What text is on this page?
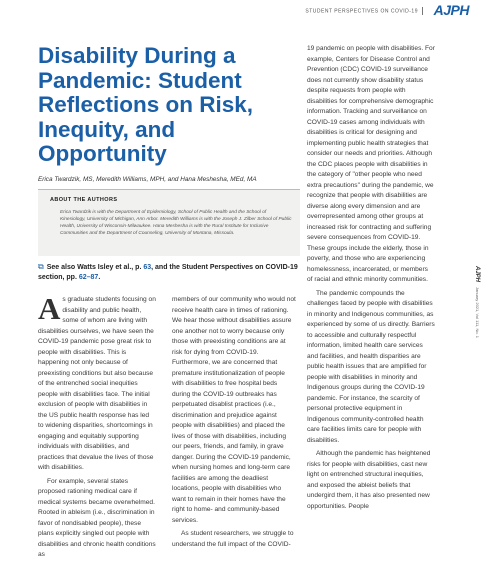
STUDENT PERSPECTIVES ON COVID-19	AJPH
AJPH
January 2021, Vol 111, No. 1
Disability During a Pandemic: Student Reflections on Risk, Inequity, and Opportunity
Erica Twardzik, MS, Meredith Williams, MPH, and Hana Meshesha, MEd, MA
ABOUT THE AUTHORS
Erica Twardzik is with the Department of Epidemiology, School of Public Health and the School of Kinesiology, University of Michigan, Ann Arbor. Meredith Williams is with the Joseph J. Zilber School of Public Health, University of Wisconsin-Milwaukee. Hana Meshesha is with the Rural Institute for Inclusive Communities and the Department of Counseling, University of Montana, Missoula.
⧉ See also Watts Isley et al., p. 63, and the Student Perspectives on COVID-19 section, pp. 62–87.

As graduate students focusing on disability and public health, some of whom are living with disabilities ourselves, we have seen the COVID-19 pandemic pose great risk to people with disabilities. This is happening not only because of preexisting conditions but also because of the entrenched social inequities people with disabilities face. The initial exclusion of people with disabilities in the US public health response has led to widening disparities, shortcomings in engaging and equitably supporting individuals with disabilities, and practices that devalue the lives of those with disabilities.

For example, several states proposed rationing medical care if medical systems became overwhelmed. Rooted in ableism (i.e., discrimination in favor of nondisabled people), these plans explicitly singled out people with disabilities and chronic health conditions as

members of our community who would not receive health care in times of rationing. We hear those without disabilities assure one another not to worry because only those with preexisting conditions are at risk for dying from COVID-19. Furthermore, we are concerned that premature institutionalization of people with disabilities to free hospital beds during the COVID-19 outbreaks has perpetuated disablist practices (i.e., discrimination and prejudice against people with disabilities) and placed the lives of those with disabilities, including our peers, friends, and family, in grave danger. During the COVID-19 pandemic, when nursing homes and long-term care facilities are among the deadliest locations, people with disabilities who want to remain in their homes have the right to home- and community-based services.

As student researchers, we struggle to understand the full impact of the COVID-

19 pandemic on people with disabilities. For example, Centers for Disease Control and Prevention (CDC) COVID-19 surveillance does not currently show disability status despite requests from people with disabilities for comprehensive demographic information. Tracking and surveillance on COVID-19 cases among individuals with disabilities is critical for designing and implementing public health strategies that consider our needs and priorities. Although the CDC places people with disabilities in the category of "other people who need extra precautions" during the pandemic, we recognize that people with disabilities are diverse along every dimension and are overrepresented among other groups at increased risk for contracting and suffering severe consequences from COVID-19. These groups include the elderly, those in poverty, and those who are experiencing homelessness, incarcerated, or members of racial and ethnic minority communities.

The pandemic compounds the challenges faced by people with disabilities in minority and Indigenous communities, as experienced by some of us directly. Barriers to accessible and culturally respectful information, limited health care services and facilities, and health disparities are public health issues that are amplified for people with disabilities in minority and Indigenous groups during the COVID-19 pandemic. For instance, the scarcity of personal protective equipment in Indigenous community-controlled health care facilities limits care for people with disabilities.

Although the pandemic has heightened risks for people with disabilities, cast new light on entrenched structural inequities, and exposed the ableist beliefs that undergird them, it has also presented new opportunities. People
